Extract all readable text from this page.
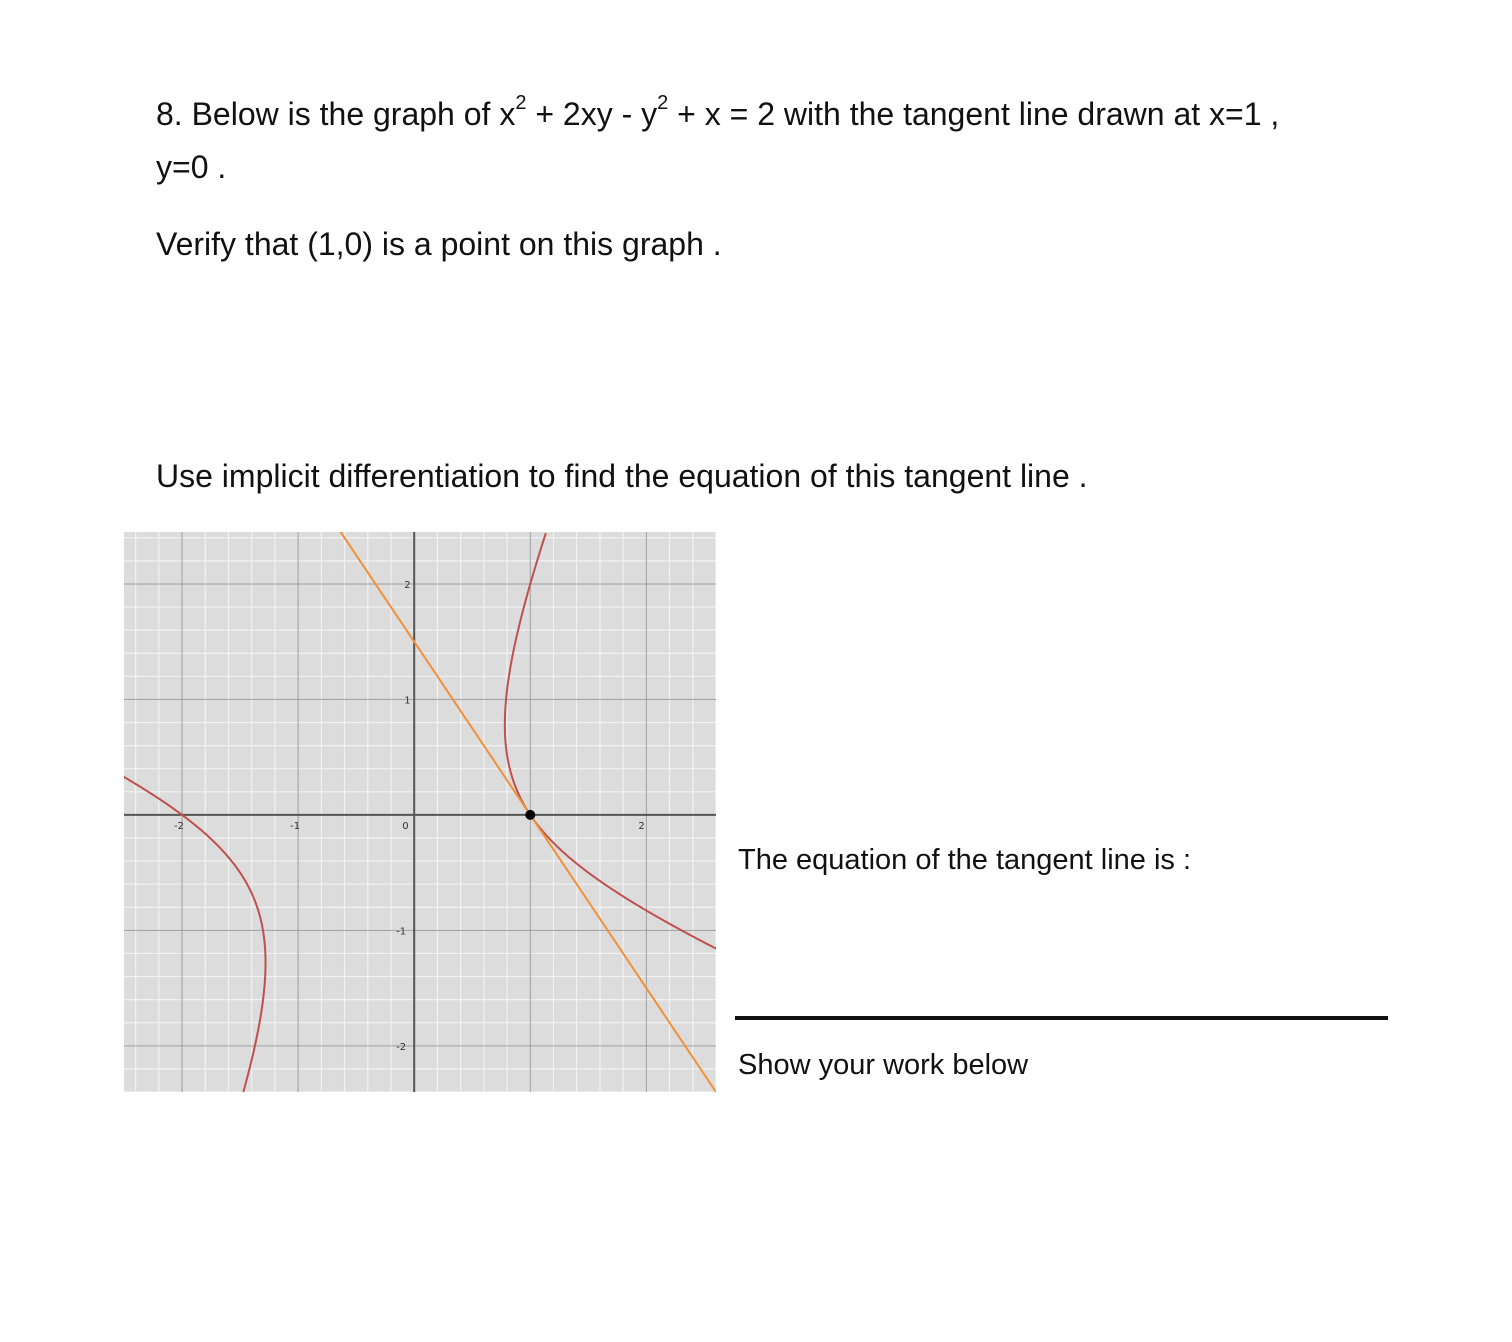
8. Below is the graph of $x^2 + 2xy - y^2 + x = 2$ with the tangent line drawn at x=1 ,
y=0 .
Verify that (1,0) is a point on this graph .
Use implicit differentiation to find the equation of this tangent line .
-2	-1	0	2
2
1
-1
-2
The equation of the tangent line is :
Show your work below
